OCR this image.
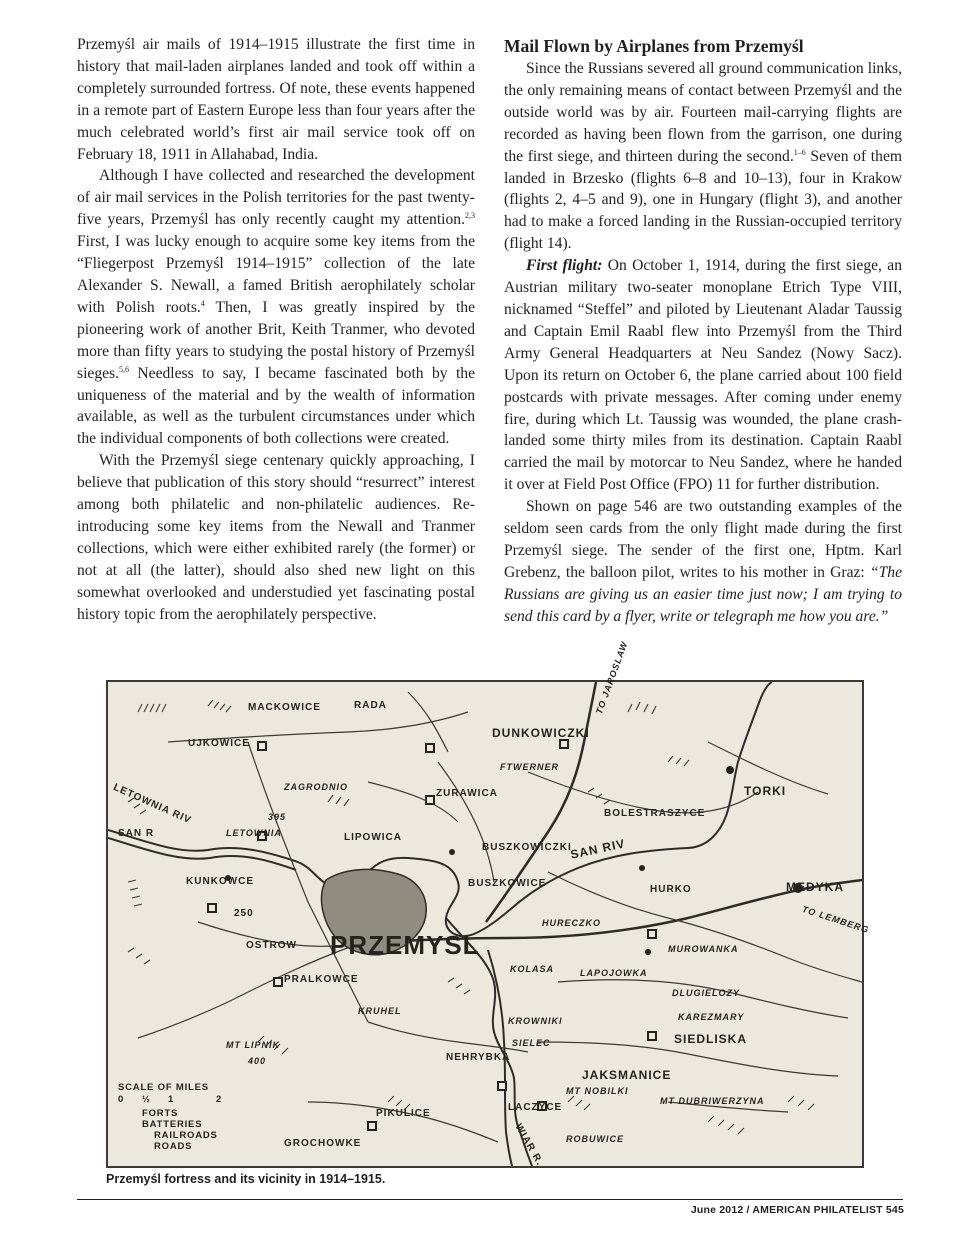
Przemyśl air mails of 1914–1915 illustrate the first time in history that mail-laden airplanes landed and took off within a completely surrounded fortress. Of note, these events happened in a remote part of Eastern Europe less than four years after the much celebrated world’s first air mail service took off on February 18, 1911 in Allahabad, India.

Although I have collected and researched the development of air mail services in the Polish territories for the past twenty-five years, Przemyśl has only recently caught my attention.$^{2,3}$ First, I was lucky enough to acquire some key items from the “Fliegerpost Przemyśl 1914–1915” collection of the late Alexander S. Newall, a famed British aerophilately scholar with Polish roots.$^4$ Then, I was greatly inspired by the pioneering work of another Brit, Keith Tranmer, who devoted more than fifty years to studying the postal history of Przemyśl sieges.$^{5,6}$ Needless to say, I became fascinated both by the uniqueness of the material and by the wealth of information available, as well as the turbulent circumstances under which the individual components of both collections were created.

With the Przemyśl siege centenary quickly approaching, I believe that publication of this story should “resurrect” interest among both philatelic and non-philatelic audiences. Re-introducing some key items from the Newall and Tranmer collections, which were either exhibited rarely (the former) or not at all (the latter), should also shed new light on this somewhat overlooked and understudied yet fascinating postal history topic from the aerophilately perspective.

Mail Flown by Airplanes from Przemyśl

Since the Russians severed all ground communication links, the only remaining means of contact between Przemyśl and the outside world was by air. Fourteen mail-carrying flights are recorded as having been flown from the garrison, one during the first siege, and thirteen during the second.$^{1-6}$ Seven of them landed in Brzesko (flights 6–8 and 10–13), four in Krakow (flights 2, 4–5 and 9), one in Hungary (flight 3), and another had to make a forced landing in the Russian-occupied territory (flight 14).

First flight: On October 1, 1914, during the first siege, an Austrian military two-seater monoplane Etrich Type VIII, nicknamed “Steffel” and piloted by Lieutenant Aladar Taussig and Captain Emil Raabl flew into Przemyśl from the Third Army General Headquarters at Neu Sandez (Nowy Sacz). Upon its return on October 6, the plane carried about 100 field postcards with private messages. After coming under enemy fire, during which Lt. Taussig was wounded, the plane crash-landed some thirty miles from its destination. Captain Raabl carried the mail by motorcar to Neu Sandez, where he handed it over at Field Post Office (FPO) 11 for further distribution.

Shown on page 546 are two outstanding examples of the seldom seen cards from the only flight made during the first Przemyśl siege. The sender of the first one, Hptm. Karl Grebenz, the balloon pilot, writes to his mother in Graz: “The Russians are giving us an easier time just now; I am trying to send this card by a flyer, write or telegraph me how you are.”

MACKOWICE	RADA
UJKOWICE
DUNKOWICZKI
TO JAROSLAW
FTWERNER
ZAGRODNIO
ZURAWICA	TORKI
LETOWNIA RIV	BOLESTRASZYCE
SAN R	LETOWNIA
395
LIPOWICA
BUSZKOWICZKI
SAN RIV
KUNKOWCE	BUSZKOWICE
HURKO	MEDYKA
TO LEMBERG
HURECZKO
250
OSTROW PRZEMYSL	MUROWANKA
KOLASA	LAPOJOWKA
PRALKOWCE
DLUGIELOZY
KRUHEL
KROWNIKl	KAREZMARY
SIEDLISKA
MT LIPNIK
400
SIELEC
NEHRYBKA
JAKSMANICE
MT NOBILKI
LACZYCE
MT DUBRIWERZYNA
PIKULICE
WIAR R. ROBUWICE
GROCHOWKE
SCALE OF MILES
0 ½ 1	2
FORTS
BATTERIES
RAILROADS
ROADS
Przemyśl fortress and its vicinity in 1914–1915.
June 2012 / AMERICAN PHILATELIST 545
